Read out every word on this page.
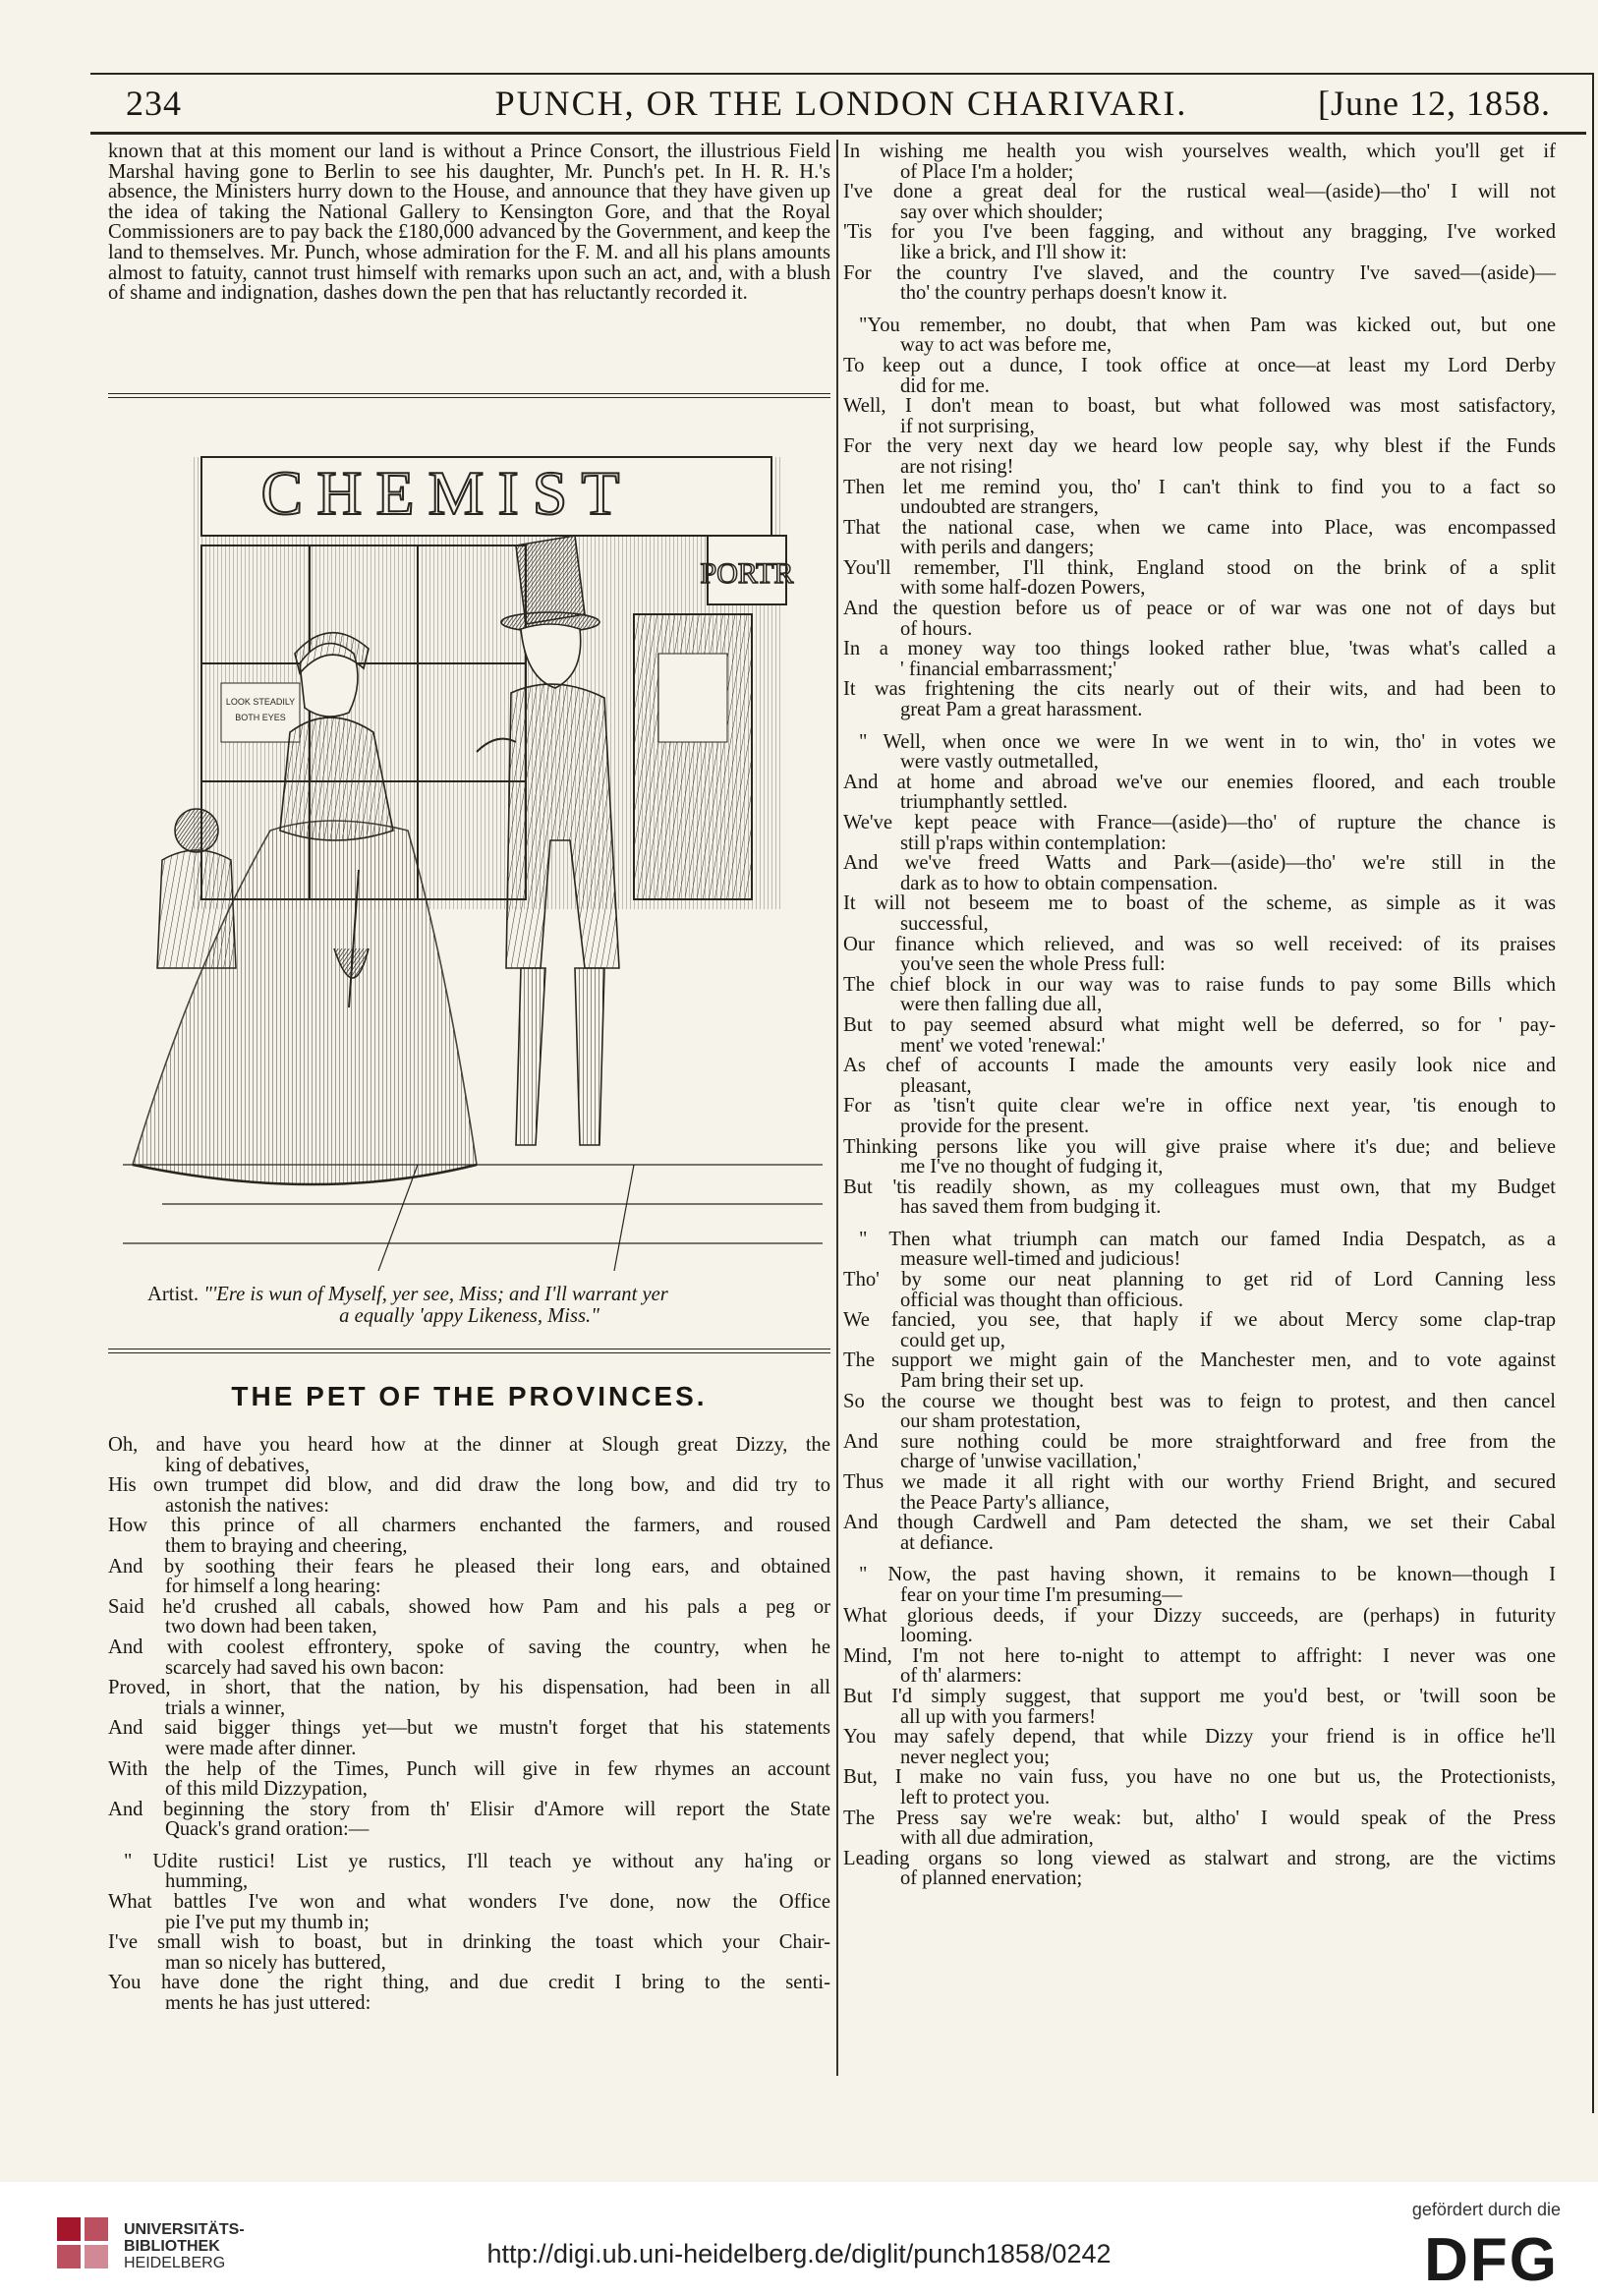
234	PUNCH, OR THE LONDON CHARIVARI.	[June 12, 1858.

known that at this moment our land is without a Prince Consort, the illustrious Field Marshal having gone to Berlin to see his daughter, Mr. Punch's pet. In H. R. H.'s absence, the Ministers hurry down to the House, and announce that they have given up the idea of taking the National Gallery to Kensington Gore, and that the Royal Commissioners are to pay back the £180,000 advanced by the Government, and keep the land to themselves. Mr. Punch, whose admiration for the F. M. and all his plans amounts almost to fatuity, cannot trust himself with remarks upon such an act, and, with a blush of shame and indignation, dashes down the pen that has reluctantly recorded it.

CHEMIST
PORTR
LOOK STEADILY
BOTH EYES
Artist. "'Ere is wun of Myself, yer see, Miss; and I'll warrant yer
a equally 'appy Likeness, Miss."
THE PET OF THE PROVINCES.
Oh, and have you heard how at the dinner at Slough great Dizzy, the
king of debatives,
His own trumpet did blow, and did draw the long bow, and did try to
astonish the natives:
How this prince of all charmers enchanted the farmers, and roused
them to braying and cheering,
And by soothing their fears he pleased their long ears, and obtained
for himself a long hearing:
Said he'd crushed all cabals, showed how Pam and his pals a peg or
two down had been taken,
And with coolest effrontery, spoke of saving the country, when he
scarcely had saved his own bacon:
Proved, in short, that the nation, by his dispensation, had been in all
trials a winner,
And said bigger things yet—but we mustn't forget that his statements
were made after dinner.
With the help of the Times, Punch will give in few rhymes an account
of this mild Dizzypation,
And beginning the story from th' Elisir d'Amore will report the State
Quack's grand oration:—
" Udite rustici! List ye rustics, I'll teach ye without any ha'ing or
humming,
What battles I've won and what wonders I've done, now the Office
pie I've put my thumb in;
I've small wish to boast, but in drinking the toast which your Chair-
man so nicely has buttered,
You have done the right thing, and due credit I bring to the senti-
ments he has just uttered:
In wishing me health you wish yourselves wealth, which you'll get if
of Place I'm a holder;
I've done a great deal for the rustical weal—(aside)—tho' I will not
say over which shoulder;
'Tis for you I've been fagging, and without any bragging, I've worked
like a brick, and I'll show it:
For the country I've slaved, and the country I've saved—(aside)—
tho' the country perhaps doesn't know it.
"You remember, no doubt, that when Pam was kicked out, but one
way to act was before me,
To keep out a dunce, I took office at once—at least my Lord Derby
did for me.
Well, I don't mean to boast, but what followed was most satisfactory,
if not surprising,
For the very next day we heard low people say, why blest if the Funds
are not rising!
Then let me remind you, tho' I can't think to find you to a fact so
undoubted are strangers,
That the national case, when we came into Place, was encompassed
with perils and dangers;
You'll remember, I'll think, England stood on the brink of a split
with some half-dozen Powers,
And the question before us of peace or of war was one not of days but
of hours.
In a money way too things looked rather blue, 'twas what's called a
' financial embarrassment;'
It was frightening the cits nearly out of their wits, and had been to
great Pam a great harassment.
" Well, when once we were In we went in to win, tho' in votes we
were vastly outmetalled,
And at home and abroad we've our enemies floored, and each trouble
triumphantly settled.
We've kept peace with France—(aside)—tho' of rupture the chance is
still p'raps within contemplation:
And we've freed Watts and Park—(aside)—tho' we're still in the
dark as to how to obtain compensation.
It will not beseem me to boast of the scheme, as simple as it was
successful,
Our finance which relieved, and was so well received: of its praises
you've seen the whole Press full:
The chief block in our way was to raise funds to pay some Bills which
were then falling due all,
But to pay seemed absurd what might well be deferred, so for ' pay-
ment' we voted 'renewal:'
As chef of accounts I made the amounts very easily look nice and
pleasant,
For as 'tisn't quite clear we're in office next year, 'tis enough to
provide for the present.
Thinking persons like you will give praise where it's due; and believe
me I've no thought of fudging it,
But 'tis readily shown, as my colleagues must own, that my Budget
has saved them from budging it.
" Then what triumph can match our famed India Despatch, as a
measure well-timed and judicious!
Tho' by some our neat planning to get rid of Lord Canning less
official was thought than officious.
We fancied, you see, that haply if we about Mercy some clap-trap
could get up,
The support we might gain of the Manchester men, and to vote against
Pam bring their set up.
So the course we thought best was to feign to protest, and then cancel
our sham protestation,
And sure nothing could be more straightforward and free from the
charge of 'unwise vacillation,'
Thus we made it all right with our worthy Friend Bright, and secured
the Peace Party's alliance,
And though Cardwell and Pam detected the sham, we set their Cabal
at defiance.
" Now, the past having shown, it remains to be known—though I
fear on your time I'm presuming—
What glorious deeds, if your Dizzy succeeds, are (perhaps) in futurity
looming.
Mind, I'm not here to-night to attempt to affright: I never was one
of th' alarmers:
But I'd simply suggest, that support me you'd best, or 'twill soon be
all up with you farmers!
You may safely depend, that while Dizzy your friend is in office he'll
never neglect you;
But, I make no vain fuss, you have no one but us, the Protectionists,
left to protect you.
The Press say we're weak: but, altho' I would speak of the Press
with all due admiration,
Leading organs so long viewed as stalwart and strong, are the victims
of planned enervation;
UNIVERSITÄTS-
BIBLIOTHEK
HEIDELBERG	http://digi.ub.uni-heidelberg.de/diglit/punch1858/0242
gefördert durch die
DFG
